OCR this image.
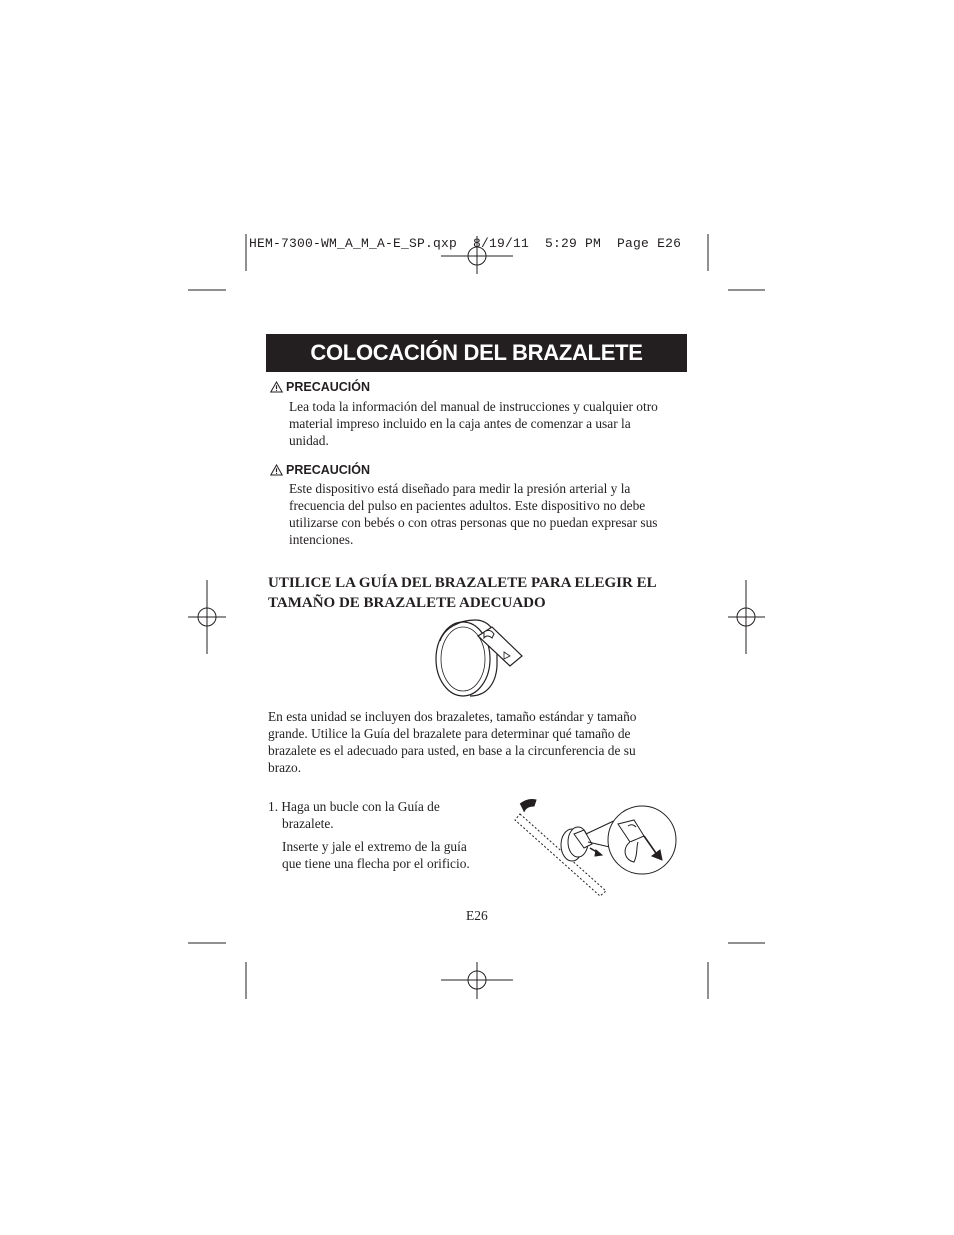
HEM-7300-WM_A_M_A-E_SP.qxp  8/19/11  5:29 PM  Page E26
COLOCACIÓN DEL BRAZALETE
PRECAUCIÓN
Lea toda la información del manual de instrucciones y cualquier otro
material impreso incluido en la caja antes de comenzar a usar la
unidad.
PRECAUCIÓN
Este dispositivo está diseñado para medir la presión arterial y la
frecuencia del pulso en pacientes adultos. Este dispositivo no debe
utilizarse con bebés o con otras personas que no puedan expresar sus
intenciones.
UTILICE LA GUÍA DEL BRAZALETE PARA ELEGIR EL
TAMAÑO DE BRAZALETE ADECUADO
En esta unidad se incluyen dos brazaletes, tamaño estándar y tamaño
grande. Utilice la Guía del brazalete para determinar qué tamaño de
brazalete es el adecuado para usted, en base a la circunferencia de su
brazo.
1. Haga un bucle con la Guía de
brazalete.
Inserte y jale el extremo de la guía
que tiene una flecha por el orificio.
E26
